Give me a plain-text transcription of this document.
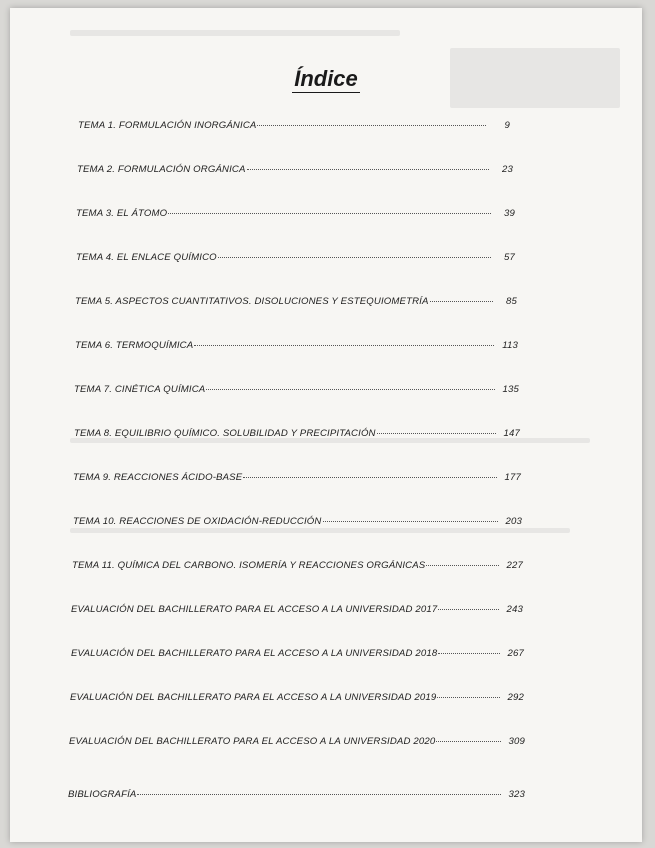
Índice
TEMA 1. FORMULACIÓN INORGÁNICA	9
TEMA 2. FORMULACIÓN ORGÁNICA	23
TEMA 3. EL ÁTOMO	39
TEMA 4. EL ENLACE QUÍMICO	57
TEMA 5. ASPECTOS CUANTITATIVOS. DISOLUCIONES Y ESTEQUIOMETRÍA	85
TEMA 6. TERMOQUÍMICA	113
TEMA 7. CINÉTICA QUÍMICA	135
TEMA 8. EQUILIBRIO QUÍMICO. SOLUBILIDAD Y PRECIPITACIÓN	147
TEMA 9. REACCIONES ÁCIDO-BASE	177
TEMA 10. REACCIONES DE OXIDACIÓN-REDUCCIÓN	203
TEMA 11. QUÍMICA DEL CARBONO. ISOMERÍA Y REACCIONES ORGÁNICAS	227
EVALUACIÓN DEL BACHILLERATO PARA EL ACCESO A LA UNIVERSIDAD 2017	243
EVALUACIÓN DEL BACHILLERATO PARA EL ACCESO A LA UNIVERSIDAD 2018	267
EVALUACIÓN DEL BACHILLERATO PARA EL ACCESO A LA UNIVERSIDAD 2019	292
EVALUACIÓN DEL BACHILLERATO PARA EL ACCESO A LA UNIVERSIDAD 2020	309
BIBLIOGRAFÍA	323
